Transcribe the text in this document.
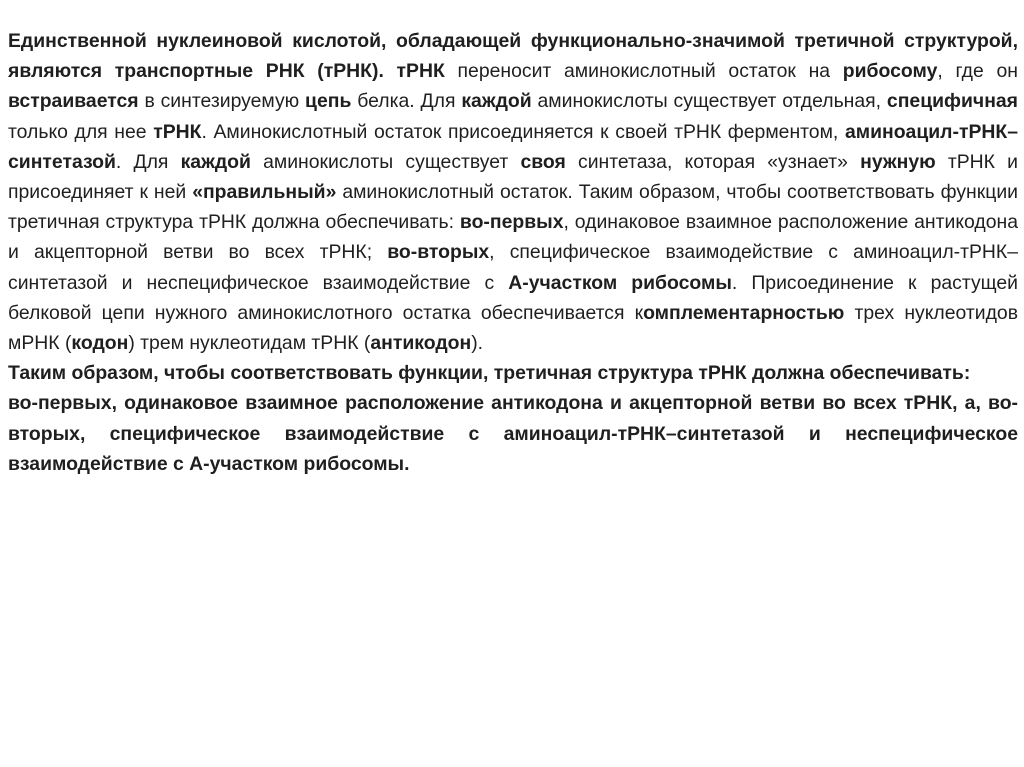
Единственной нуклеиновой кислотой, обладающей функционально-значимой третичной структурой, являются транспортные РНК (тРНК). тРНК переносит аминокислотный остаток на рибосому, где он встраивается в синтезируемую цепь белка. Для каждой аминокислоты существует отдельная, специфичная только для нее тРНК. Аминокислотный остаток присоединяется к своей тРНК ферментом, аминоацил-тРНК–синтетазой. Для каждой аминокислоты существует своя синтетаза, которая «узнает» нужную тРНК и присоединяет к ней «правильный» аминокислотный остаток. Таким образом, чтобы соответствовать функции третичная структура тРНК должна обеспечивать: во-первых, одинаковое взаимное расположение антикодона и акцепторной ветви во всех тРНК; во-вторых, специфическое взаимодействие с аминоацил-тРНК–синтетазой и неспецифическое взаимодействие с А-участком рибосомы. Присоединение к растущей белковой цепи нужного аминокислотного остатка обеспечивается комплементарностью трех нуклеотидов мРНК (кодон) трем нуклеотидам тРНК (антикодон).

Таким образом, чтобы соответствовать функции, третичная структура тРНК должна обеспечивать:

во-первых, одинаковое взаимное расположение антикодона и акцепторной ветви во всех тРНК, а, во-вторых, специфическое взаимодействие с аминоацил-тРНК–синтетазой и неспецифическое взаимодействие с А-участком рибосомы.
